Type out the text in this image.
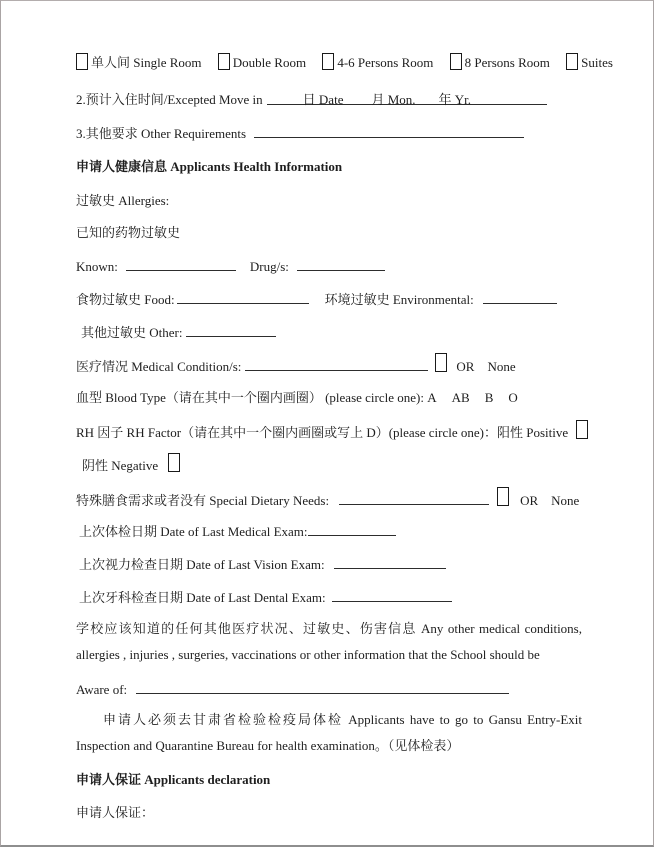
单人间 Single Room Double Room 4-6 Persons Room 8 Persons Room Suites
2.预计入住时间/Excepted Move in	日 Date 月 Mon. 年 Yr.
3.其他要求 Other Requirements
申请人健康信息 Applicants Health Information
过敏史 Allergies:
已知的药物过敏史
Known:	Drug/s:
食物过敏史 Food:	环境过敏史 Environmental:
其他过敏史 Other:
医疗情况 Medical Condition/s:	OR None
血型 Blood Type（请在其中一个圈内画圈） (please circle one): A AB B O
RH 因子 RH Factor（请在其中一个圈内画圈或写上 D）(please circle one)：阳性 Positive
阴性 Negative
特殊膳食需求或者没有 Special Dietary Needs:	OR None
上次体检日期 Date of Last Medical Exam:
上次视力检查日期 Date of Last Vision Exam:
上次牙科检查日期 Date of Last Dental Exam:
学校应该知道的任何其他医疗状况、过敏史、伤害信息 Any other medical conditions, allergies , injuries , surgeries, vaccinations or other information that the School should be
Aware of:
申请人必须去甘肃省检验检疫局体检 Applicants have to go to Gansu Entry-Exit Inspection and Quarantine Bureau for health examination。（见体检表）
申请人保证 Applicants declaration
申请人保证：
